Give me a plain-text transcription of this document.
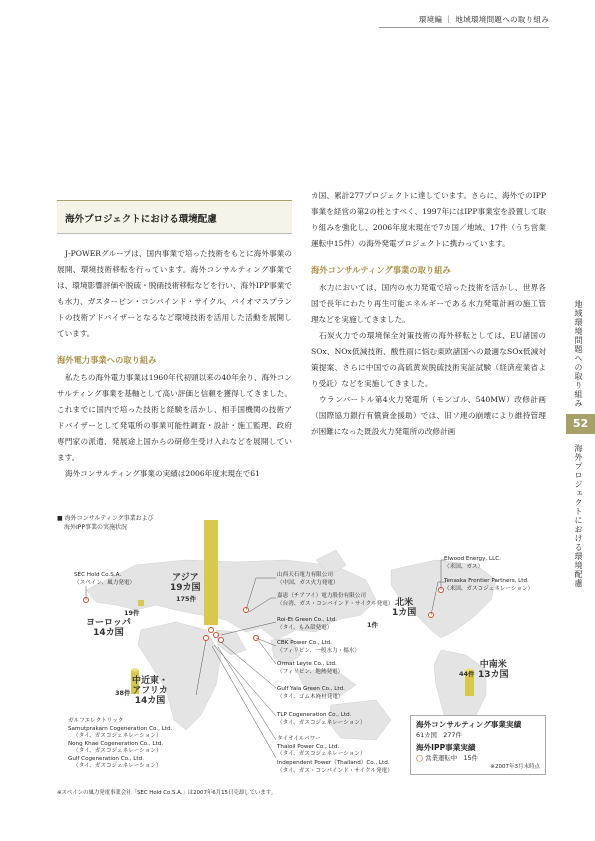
環境編 ｜ 地域環境問題への取り組み
地域環境問題への取り組み
52
海外プロジェクトにおける環境配慮
海外プロジェクトにおける環境配慮
J-POWERグループは、国内事業で培った技術をもとに海外事業の展開、環境技術移転を行っています。海外コンサルティング事業では、環境影響評価や脱硫・脱硝技術移転などを行い、海外IPP事業でも水力、ガスタービン・コンバインド・サイクル、バイオマスプラントの技術アドバイザーとなるなど環境技術を活用した活動を展開しています。
海外電力事業への取り組み
私たちの海外電力事業は1960年代初頭以来の40年余り、海外コンサルティング事業を基軸として高い評価と信頼を獲得してきました。これまでに国内で培った技術と経験を活かし、相手国機関の技術アドバイザーとして発電所の事業可能性調査・設計・施工監理、政府専門家の派遣、発展途上国からの研修生受け入れなどを展開しています。
海外コンサルティング事業の実績は2006年度末現在で61
カ国、累計277プロジェクトに達しています。さらに、海外でのIPP事業を経営の第2の柱とすべく、1997年にはIPP事業室を設置して取り組みを強化し、2006年度末現在で7カ国／地域、17件（うち営業運転中15件）の海外発電プロジェクトに携わっています。
海外コンサルティング事業の取り組み
水力においては、国内の水力発電で培った技術を活かし、世界各国で長年にわたり再生可能エネルギーである水力発電計画の施工管理などを実施してきました。
石炭火力での環境保全対策技術の海外移転としては、EU諸国のSOx、NOx低減技術、酸性雨に悩む東欧諸国への最適なSOx低減対策提案、さらに中国での高硫黄炭脱硫技術実証試験（経済産業省より受託）などを実施してきました。
ウランバートル第4火力発電所（モンゴル、540MW）改修計画（国際協力銀行有償資金援助）では、旧ソ連の崩壊により維持管理が困難になった既設火力発電所の改修計画
■ 海外コンサルティング事業および
海外IPP事業の実施状況
アジア
19カ国
175件
ヨーロッパ
14カ国
19件
中近東・
アフリカ
14カ国
38件
北米
1カ国
1件
中南米
13カ国
44件
SEC Hold Co.S.A.
（スペイン、風力発電）
山西天石電力有限公司
（中国、ガス火力発電）
嘉恵（チアフイ）電力股份有限公司
（台湾、ガス・コンバインド・サイクル発電）
Roi-Et Green Co., Ltd.
（タイ、もみ殻発電）
CBK Power Co., Ltd.
（フィリピン、一般水力・揚水）
Ormat Leyte Co., Ltd.
（フィリピン、地熱発電）
Gulf Yala Green Co., Ltd.
（タイ、ゴム木廃材発電）
TLP Cogeneration Co., Ltd.
（タイ、ガスコジェネレーション）
タイオイルパワー
Thaioil Power Co., Ltd.
（タイ、ガスコジェネレーション）
Independent Power（Thailand）Co., Ltd.
（タイ、ガス・コンバインド・サイクル発電）
ガルフエレクトリック
Samutprakarn Cogeneration Co., Ltd.
（タイ、ガスコジェネレーション）
Nong Khae Cogeneration Co., Ltd.
（タイ、ガスコジェネレーション）
Gulf Cogeneration Co., Ltd.
（タイ、ガスコジェネレーション）
Elwood Energy, LLC.
（米国、ガス）
Tenaska Frontier Partners, Ltd.
（米国、ガスコジェネレーション）
海外コンサルティング事業実績
61カ国　277件
海外IPP事業実績
◯ 営業運転中　15件
※2007年3月末時点
※スペインの風力発電事業会社「SEC Hold Co.S.A.」は2007年6月15日売却しています。
